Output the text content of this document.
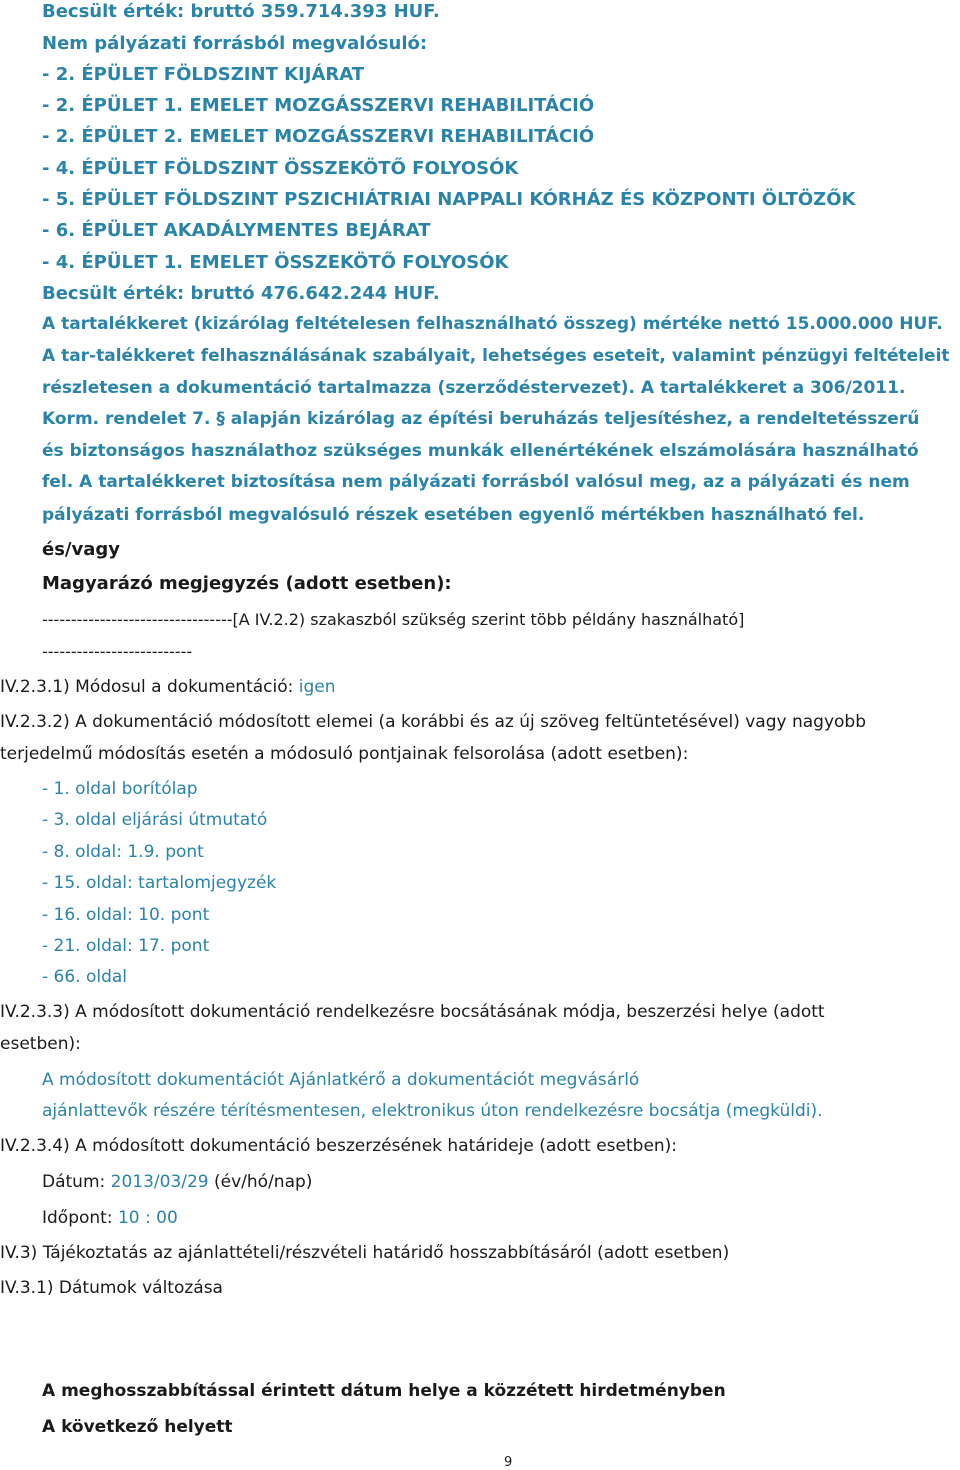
Becsült érték: bruttó 359.714.393 HUF.
Nem pályázati forrásból megvalósuló:
- 2. ÉPÜLET FÖLDSZINT KIJÁRAT
- 2. ÉPÜLET 1. EMELET MOZGÁSSZERVI REHABILITÁCIÓ
- 2. ÉPÜLET 2. EMELET MOZGÁSSZERVI REHABILITÁCIÓ
- 4. ÉPÜLET FÖLDSZINT ÖSSZEKÖTŐ FOLYOSÓK
- 5. ÉPÜLET FÖLDSZINT PSZICHIÁTRIAI NAPPALI KÓRHÁZ ÉS KÖZPONTI ÖLTÖZŐK
- 6. ÉPÜLET AKADÁLYMENTES BEJÁRAT
- 4. ÉPÜLET 1. EMELET ÖSSZEKÖTŐ FOLYOSÓK
Becsült érték: bruttó 476.642.244 HUF.
A tartalékkeret (kizárólag feltételesen felhasználható összeg) mértéke nettó 15.000.000 HUF.
A tar-talékkeret felhasználásának szabályait, lehetséges eseteit, valamint pénzügyi feltételeit
részletesen a dokumentáció tartalmazza (szerződéstervezet). A tartalékkeret a 306/2011.
Korm. rendelet 7. § alapján kizárólag az építési beruházás teljesítéshez, a rendeltetésszerű
és biztonságos használathoz szükséges munkák ellenértékének elszámolására használható
fel. A tartalékkeret biztosítása nem pályázati forrásból valósul meg, az a pályázati és nem
pályázati forrásból megvalósuló részek esetében egyenlő mértékben használható fel.
és/vagy
Magyarázó megjegyzés (adott esetben):
---------------------------------[A IV.2.2) szakaszból szükség szerint több példány használható]
--------------------------
IV.2.3.1) Módosul a dokumentáció: igen
IV.2.3.2) A dokumentáció módosított elemei (a korábbi és az új szöveg feltüntetésével) vagy nagyobb
terjedelmű módosítás esetén a módosuló pontjainak felsorolása (adott esetben):
- 1. oldal borítólap
- 3. oldal eljárási útmutató
- 8. oldal: 1.9. pont
- 15. oldal: tartalomjegyzék
- 16. oldal: 10. pont
- 21. oldal: 17. pont
- 66. oldal
IV.2.3.3) A módosított dokumentáció rendelkezésre bocsátásának módja, beszerzési helye (adott
esetben):
A módosított dokumentációt Ajánlatkérő a dokumentációt megvásárló
ajánlattevők részére térítésmentesen, elektronikus úton rendelkezésre bocsátja (megküldi).
IV.2.3.4) A módosított dokumentáció beszerzésének határideje (adott esetben):
Dátum: 2013/03/29 (év/hó/nap)
Időpont: 10 : 00
IV.3) Tájékoztatás az ajánlattételi/részvételi határidő hosszabbításáról (adott esetben)
IV.3.1) Dátumok változása
A meghosszabbítással érintett dátum helye a közzétett hirdetményben
A következő helyett
9
